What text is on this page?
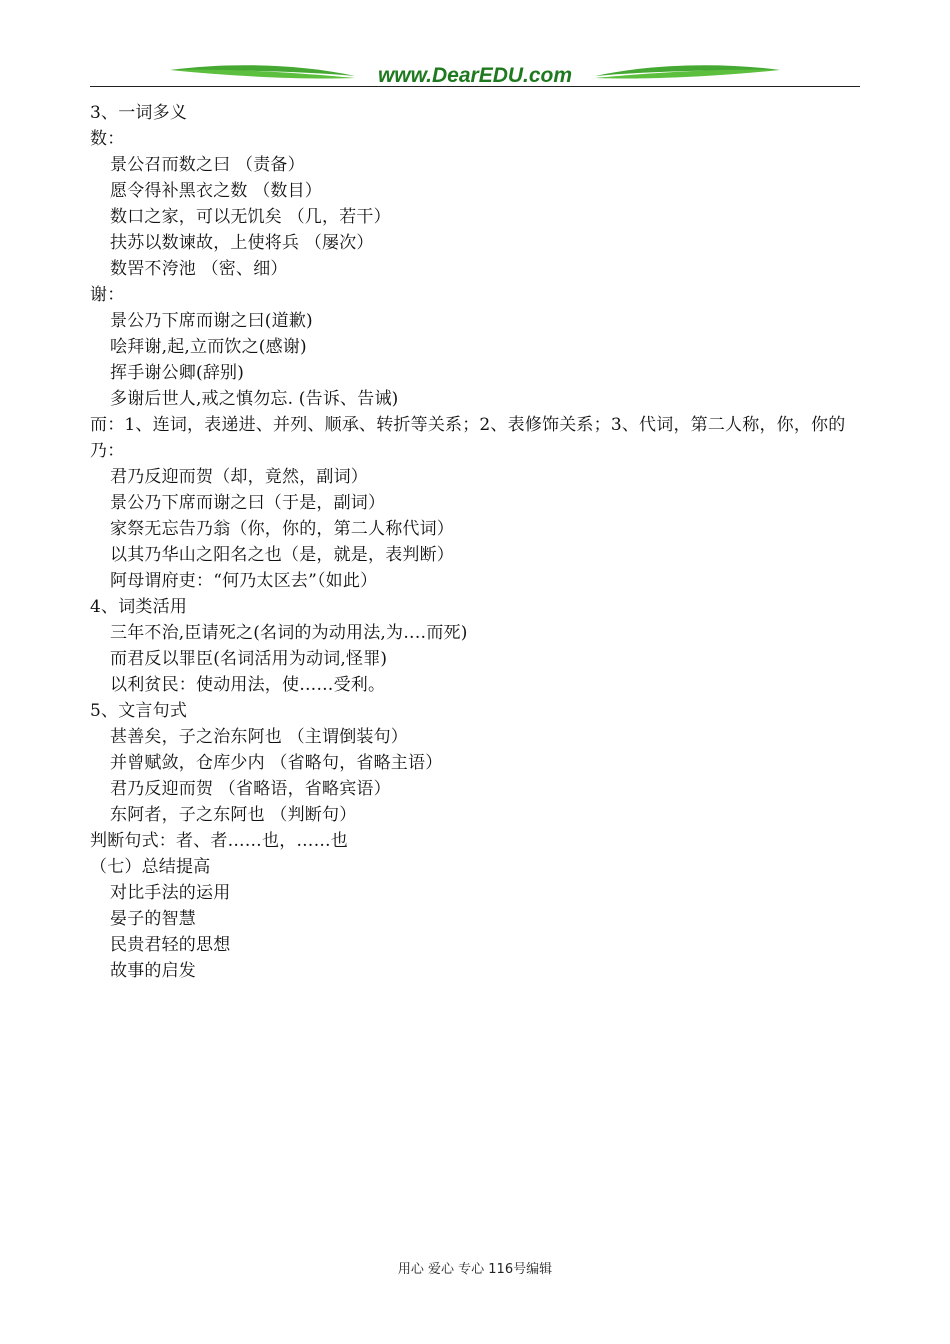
www.DearEDU.com
3、一词多义
数：
景公召而数之曰 （责备）
愿令得补黑衣之数 （数目）
数口之家，可以无饥矣 （几，若干）
扶苏以数谏故，上使将兵 （屡次）
数罟不洿池 （密、细）
谢：
景公乃下席而谢之曰(道歉)
哙拜谢,起,立而饮之(感谢)
挥手谢公卿(辞别)
多谢后世人,戒之慎勿忘. (告诉、告诫)
而：1、连词，表递进、并列、顺承、转折等关系；2、表修饰关系；3、代词，第二人称，你，你的
乃：
君乃反迎而贺（却，竟然，副词）
景公乃下席而谢之曰（于是，副词）
家祭无忘告乃翁（你，你的，第二人称代词）
以其乃华山之阳名之也（是，就是，表判断）
阿母谓府吏：“何乃太区去”（如此）
4、词类活用
三年不治,臣请死之(名词的为动用法,为‥‥而死)
而君反以罪臣(名词活用为动词,怪罪)
以利贫民：使动用法，使……受利。
5、文言句式
甚善矣，子之治东阿也 （主谓倒装句）
并曾赋敛，仓库少内 （省略句，省略主语）
君乃反迎而贺 （省略语，省略宾语）
东阿者，子之东阿也 （判断句）
判断句式：者、者……也，……也
（七）总结提高
对比手法的运用
晏子的智慧
民贵君轻的思想
故事的启发
用心 爱心 专心 116号编辑
